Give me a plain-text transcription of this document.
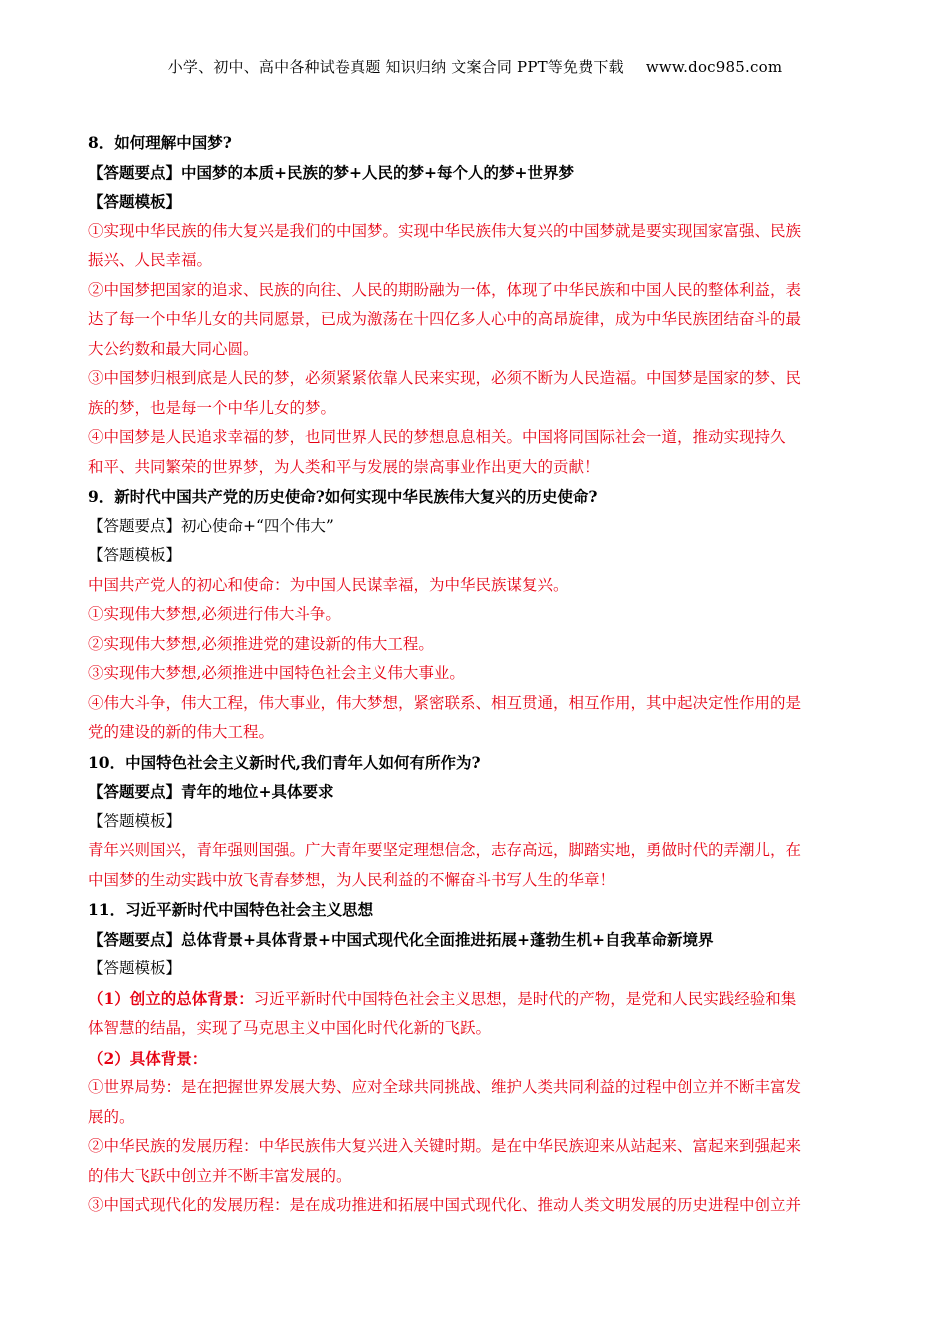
小学、初中、高中各种试卷真题 知识归纳 文案合同 PPT等免费下载 www.doc985.com
8．如何理解中国梦?
【答题要点】中国梦的本质+民族的梦+人民的梦+每个人的梦+世界梦
【答题模板】
①实现中华民族的伟大复兴是我们的中国梦。实现中华民族伟大复兴的中国梦就是要实现国家富强、民族
振兴、人民幸福。
②中国梦把国家的追求、民族的向往、人民的期盼融为一体，体现了中华民族和中国人民的整体利益，表
达了每一个中华儿女的共同愿景，已成为激荡在十四亿多人心中的高昂旋律，成为中华民族团结奋斗的最
大公约数和最大同心圆。
③中国梦归根到底是人民的梦，必须紧紧依靠人民来实现，必须不断为人民造福。中国梦是国家的梦、民
族的梦，也是每一个中华儿女的梦。
④中国梦是人民追求幸福的梦，也同世界人民的梦想息息相关。中国将同国际社会一道，推动实现持久
和平、共同繁荣的世界梦，为人类和平与发展的崇高事业作出更大的贡献！
9．新时代中国共产党的历史使命?如何实现中华民族伟大复兴的历史使命?
【答题要点】初心使命+“四个伟大”
【答题模板】
中国共产党人的初心和使命：为中国人民谋幸福，为中华民族谋复兴。
①实现伟大梦想,必须进行伟大斗争。
②实现伟大梦想,必须推进党的建设新的伟大工程。
③实现伟大梦想,必须推进中国特色社会主义伟大事业。
④伟大斗争，伟大工程，伟大事业，伟大梦想，紧密联系、相互贯通，相互作用，其中起决定性作用的是
党的建设的新的伟大工程。
10．中国特色社会主义新时代,我们青年人如何有所作为?
【答题要点】青年的地位+具体要求
【答题模板】
青年兴则国兴，青年强则国强。广大青年要坚定理想信念，志存高远，脚踏实地，勇做时代的弄潮儿，在
中国梦的生动实践中放飞青春梦想，为人民利益的不懈奋斗书写人生的华章！
11．习近平新时代中国特色社会主义思想
【答题要点】总体背景+具体背景+中国式现代化全面推进拓展+蓬勃生机+自我革命新境界
【答题模板】
（1）创立的总体背景：习近平新时代中国特色社会主义思想，是时代的产物，是党和人民实践经验和集
体智慧的结晶，实现了马克思主义中国化时代化新的飞跃。
（2）具体背景：
①世界局势：是在把握世界发展大势、应对全球共同挑战、维护人类共同利益的过程中创立并不断丰富发
展的。
②中华民族的发展历程：中华民族伟大复兴进入关键时期。是在中华民族迎来从站起来、富起来到强起来
的伟大飞跃中创立并不断丰富发展的。
③中国式现代化的发展历程：是在成功推进和拓展中国式现代化、推动人类文明发展的历史进程中创立并
